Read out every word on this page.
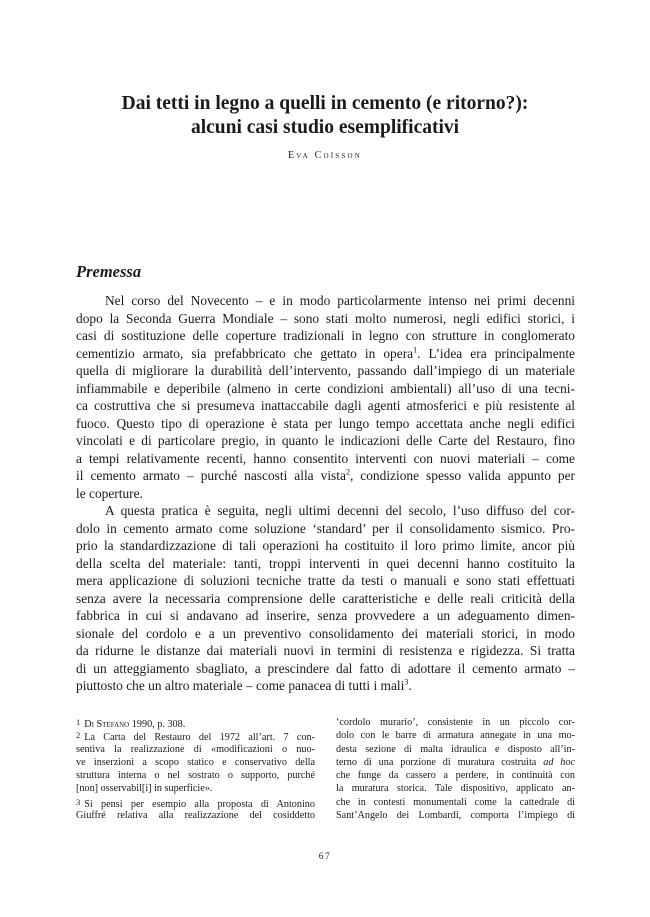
Dai tetti in legno a quelli in cemento (e ritorno?):
alcuni casi studio esemplificativi

Eva Coïsson

Premessa
Nel corso del Novecento – e in modo particolarmente intenso nei primi decenni
dopo la Seconda Guerra Mondiale – sono stati molto numerosi, negli edifici storici, i
casi di sostituzione delle coperture tradizionali in legno con strutture in conglomerato
cementizio armato, sia prefabbricato che gettato in opera$^1$. L’idea era principalmente
quella di migliorare la durabilità dell’intervento, passando dall’impiego di un materiale
infiammabile e deperibile (almeno in certe condizioni ambientali) all’uso di una tecni-
ca costruttiva che si presumeva inattaccabile dagli agenti atmosferici e più resistente al
fuoco. Questo tipo di operazione è stata per lungo tempo accettata anche negli edifici
vincolati e di particolare pregio, in quanto le indicazioni delle Carte del Restauro, fino
a tempi relativamente recenti, hanno consentito interventi con nuovi materiali – come
il cemento armato – purché nascosti alla vista$^2$, condizione spesso valida appunto per
le coperture.
A questa pratica è seguita, negli ultimi decenni del secolo, l’uso diffuso del cor-
dolo in cemento armato come soluzione ‘standard’ per il consolidamento sismico. Pro-
prio la standardizzazione di tali operazioni ha costituito il loro primo limite, ancor più
della scelta del materiale: tanti, troppi interventi in quei decenni hanno costituito la
mera applicazione di soluzioni tecniche tratte da testi o manuali e sono stati effettuati
senza avere la necessaria comprensione delle caratteristiche e delle reali criticità della
fabbrica in cui si andavano ad inserire, senza provvedere a un adeguamento dimen-
sionale del cordolo e a un preventivo consolidamento dei materiali storici, in modo
da ridurne le distanze dai materiali nuovi in termini di resistenza e rigidezza. Si tratta
di un atteggiamento sbagliato, a prescindere dal fatto di adottare il cemento armato –
piuttosto che un altro materiale – come panacea di tutti i mali$^3$.
1 Di Stefano 1990, p. 308.
2 La Carta del Restauro del 1972 all’art. 7 con-
sentiva la realizzazione di «modificazioni o nuo-
ve inserzioni a scopo statico e conservativo della
struttura interna o nel sostrato o supporto, purché
[non] osservabil[i] in superficie».
3 Si pensi per esempio alla proposta di Antonino
Giuffré relativa alla realizzazione del cosiddetto
‘cordolo murario’, consistente in un piccolo cor-
dolo con le barre di armatura annegate in una mo-
desta sezione di malta idraulica e disposto all’in-
terno di una porzione di muratura costruita ad hoc
che funge da cassero a perdere, in continuità con
la muratura storica. Tale dispositivo, applicato an-
che in contesti monumentali come la cattedrale di
Sant’Angelo dei Lombardi, comporta l’impiego di
67
